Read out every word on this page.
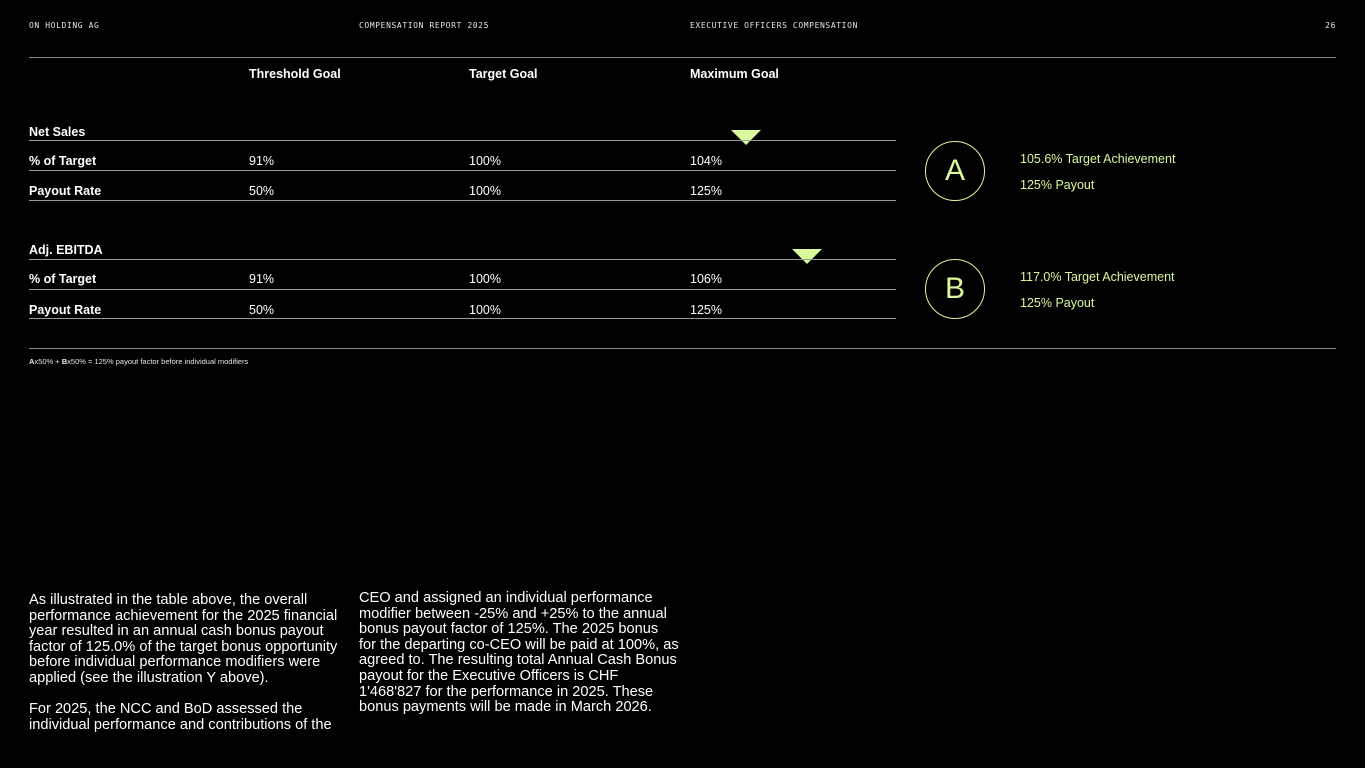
ON HOLDING AG	COMPENSATION REPORT 2025	EXECUTIVE OFFICERS COMPENSATION	26
Threshold Goal	Target Goal	Maximum Goal
Net Sales
% of Target	91%	100%	104%
Payout Rate	50%	100%	125%
A	105.6% Target Achievement
125% Payout
Adj. EBITDA
% of Target	91%	100%	106%
Payout Rate	50%	100%	125%
B	117.0% Target Achievement
125% Payout
Ax50% + Bx50% = 125% payout factor before individual modifiers

As illustrated in the table above, the overall performance achievement for the 2025 financial year resulted in an annual cash bonus payout factor of 125.0% of the target bonus opportunity before individual performance modifiers were applied (see the illustration Y above).

For 2025, the NCC and BoD assessed the individual performance and contributions of the

CEO and assigned an individual performance modifier between -25% and +25% to the annual bonus payout factor of 125%. The 2025 bonus for the departing co-CEO will be paid at 100%, as agreed to. The resulting total Annual Cash Bonus payout for the Executive Officers is CHF 1'468'827 for the performance in 2025. These bonus payments will be made in March 2026.
